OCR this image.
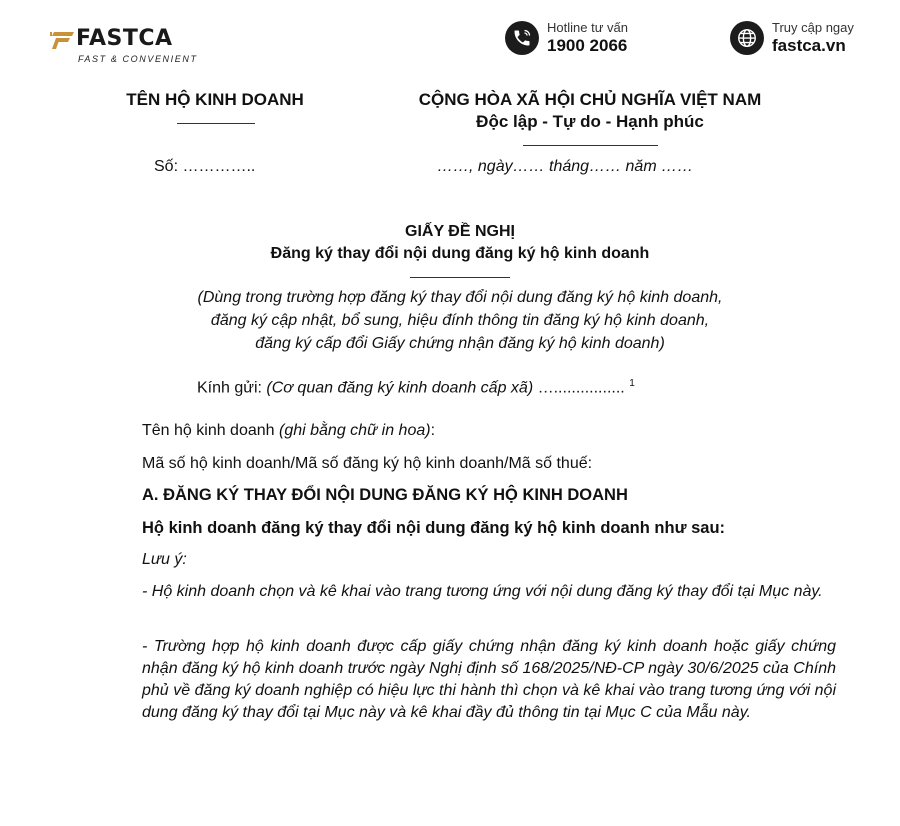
FASTCA
FAST & CONVENIENT
Hotline tư vấn
1900 2066
Truy cập ngay
fastca.vn
TÊN HỘ KINH DOANH	CỘNG HÒA XÃ HỘI CHỦ NGHĨA VIỆT NAM
Độc lập - Tự do - Hạnh phúc
Số: …………..	……, ngày…… tháng…… năm ……
GIẤY ĐỀ NGHỊ
Đăng ký thay đổi nội dung đăng ký hộ kinh doanh
(Dùng trong trường hợp đăng ký thay đổi nội dung đăng ký hộ kinh doanh,
đăng ký cập nhật, bổ sung, hiệu đính thông tin đăng ký hộ kinh doanh,
đăng ký cấp đổi Giấy chứng nhận đăng ký hộ kinh doanh)
Kính gửi: (Cơ quan đăng ký kinh doanh cấp xã) …................ $^1$
Tên hộ kinh doanh (ghi bằng chữ in hoa):
Mã số hộ kinh doanh/Mã số đăng ký hộ kinh doanh/Mã số thuế:
A. ĐĂNG KÝ THAY ĐỔI NỘI DUNG ĐĂNG KÝ HỘ KINH DOANH
Hộ kinh doanh đăng ký thay đổi nội dung đăng ký hộ kinh doanh như sau:
Lưu ý:
- Hộ kinh doanh chọn và kê khai vào trang tương ứng với nội dung đăng ký thay đổi tại Mục này.
- Trường hợp hộ kinh doanh được cấp giấy chứng nhận đăng ký kinh doanh hoặc giấy chứng nhận đăng ký hộ kinh doanh trước ngày Nghị định số 168/2025/NĐ-CP ngày 30/6/2025 của Chính phủ về đăng ký doanh nghiệp có hiệu lực thi hành thì chọn và kê khai vào trang tương ứng với nội dung đăng ký thay đổi tại Mục này và kê khai đầy đủ thông tin tại Mục C của Mẫu này.
